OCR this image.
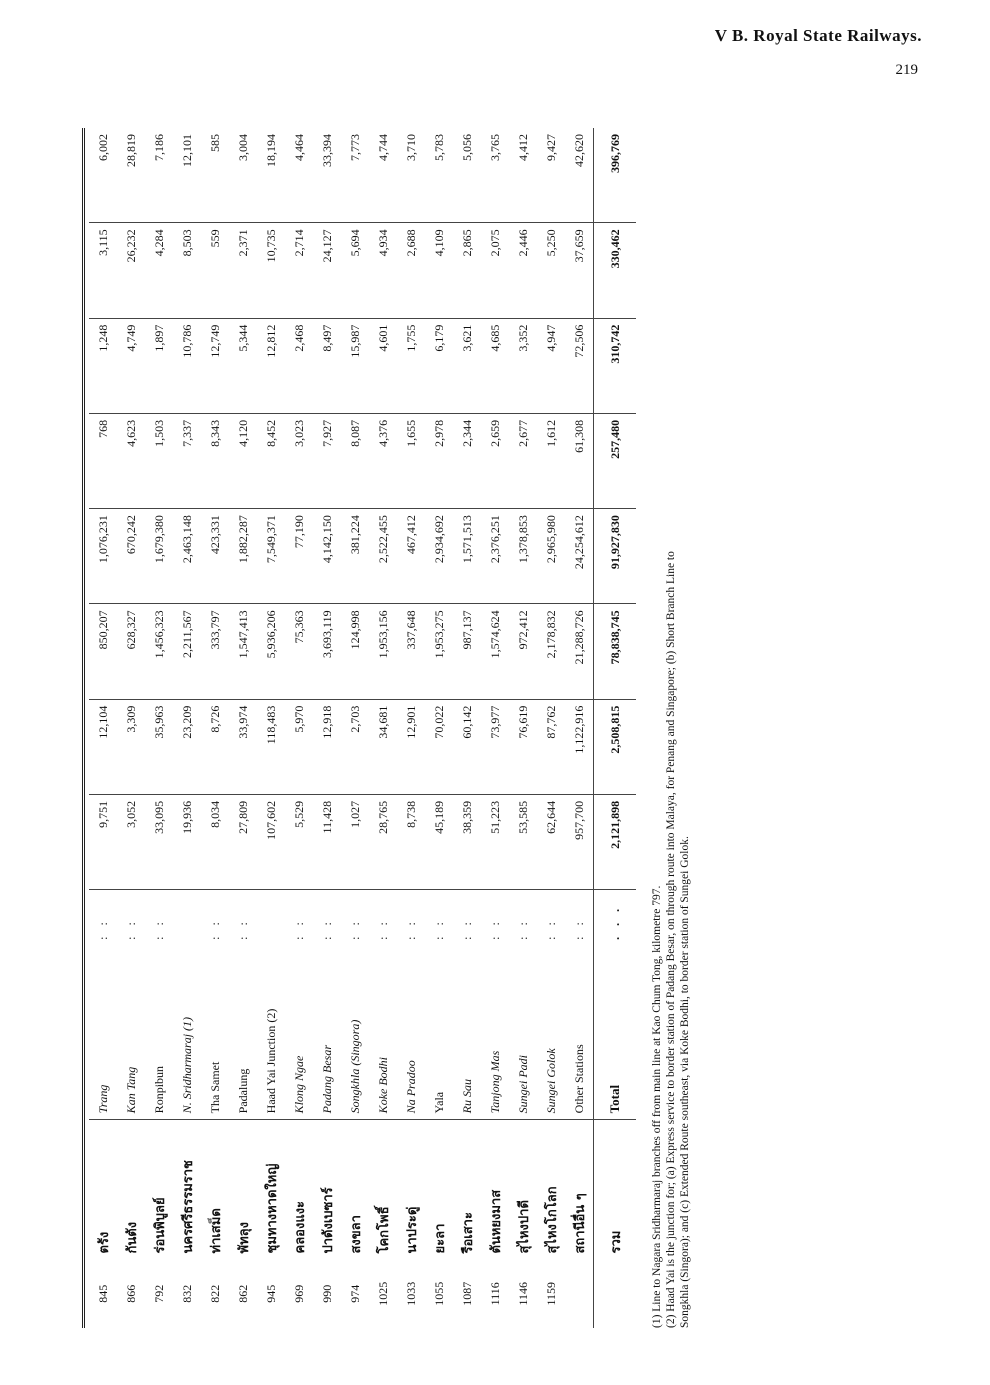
V B. Royal State Railways.
219

845	ตรัง	Trang	: :	9,751	12,104	850,207	1,076,231	768	1,248	3,115	6,002
866	กันตัง	Kan Tang	: :	3,052	3,309	628,327	670,242	4,623	4,749	26,232	28,819
792	ร่อนพิบูลย์	Ronpibun	: :	33,095	35,963	1,456,323	1,679,380	1,503	1,897	4,284	7,186
832	นครศรีธรรมราช	N. Sridharmaraj (1)		19,936	23,209	2,211,567	2,463,148	7,337	10,786	8,503	12,101
822	ท่าเสม็ด	Tha Samet	: :	8,034	8,726	333,797	423,331	8,343	12,749	559	585
862	พัทลุง	Padalung	: :	27,809	33,974	1,547,413	1,882,287	4,120	5,344	2,371	3,004
945	ชุมทางหาดใหญ่	Haad Yai Junction (2)		107,602	118,483	5,936,206	7,549,371	8,452	12,812	10,735	18,194
969	คลองแงะ	Klong Ngae	: :	5,529	5,970	75,363	77,190	3,023	2,468	2,714	4,464
990	ปาดังเบซาร์	Padang Besar	: :	11,428	12,918	3,693,119	4,142,150	7,927	8,497	24,127	33,394
974	สงขลา	Songkhla (Singora)	: :	1,027	2,703	124,998	381,224	8,087	15,987	5,694	7,773
1025	โคกโพธิ์	Koke Bodhi	: :	28,765	34,681	1,953,156	2,522,455	4,376	4,601	4,934	4,744
1033	นาประดู่	Na Pradoo	: :	8,738	12,901	337,648	467,412	1,655	1,755	2,688	3,710
1055	ยะลา	Yala	: :	45,189	70,022	1,953,275	2,934,692	2,978	6,179	4,109	5,783
1087	รือเสาะ	Ru Sau	: :	38,359	60,142	987,137	1,571,513	2,344	3,621	2,865	5,056
1116	ตันหยงมาส	Tanjong Mas	: :	51,223	73,977	1,574,624	2,376,251	2,659	4,685	2,075	3,765
1146	สุไหงปาดี	Sungei Padi	: :	53,585	76,619	972,412	1,378,853	2,677	3,352	2,446	4,412
1159	สุไหงโกโลก	Sungei Golok	: :	62,644	87,762	2,178,832	2,965,980	1,612	4,947	5,250	9,427
	สถานีอื่น ๆ	Other Stations	: :	957,700	1,122,916	21,288,726	24,254,612	61,308	72,506	37,659	42,620
	รวม	Total	. . .	2,121,898	2,508,815	78,838,745	91,927,830	257,480	310,742	330,462	396,769
(1) Line to Nagara Sridharmaraj branches off from main line at Kao Chum Tong, kilometre 797. (2) Haad Yai is the junction for; (a) Express service to border station of Padang Besar, on through route into Malaya, for Penang and Singapore; (b) Short Branch Line to Songkhla (Singora); and (c) Extended Route southeast, via Koke Bodhi, to border station of Sungei Golok.
